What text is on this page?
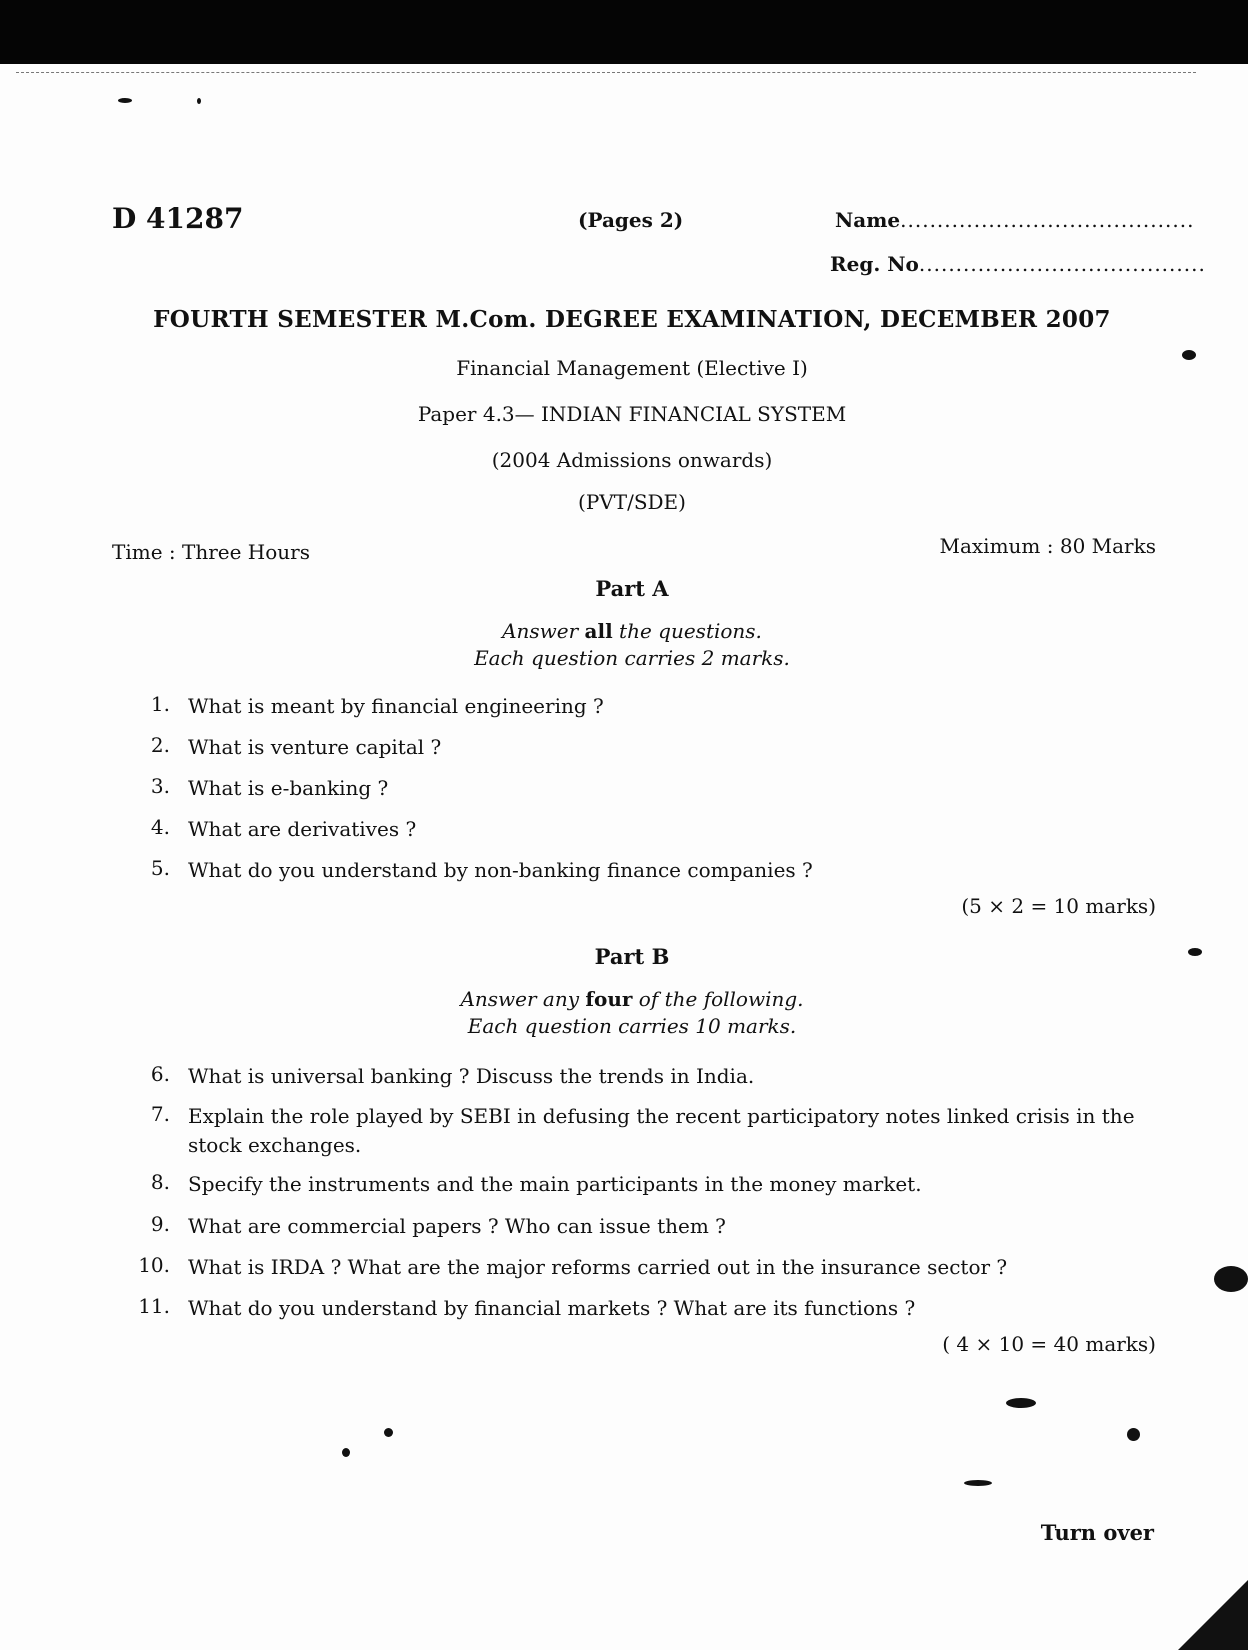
D 41287	(Pages 2)	Name........................................
Reg. No.......................................
FOURTH SEMESTER M.Com. DEGREE EXAMINATION, DECEMBER 2007
Financial Management (Elective I)
Paper 4.3— INDIAN FINANCIAL SYSTEM
(2004 Admissions onwards)
(PVT/SDE)
Time : Three Hours	Maximum : 80 Marks
Part A
Answer all the questions.
Each question carries 2 marks.
1. What is meant by financial engineering ?
2. What is venture capital ?
3. What is e-banking ?
4. What are derivatives ?
5. What do you understand by non-banking finance companies ?
(5 × 2 = 10 marks)
Part B
Answer any four of the following.
Each question carries 10 marks.
6. What is universal banking ? Discuss the trends in India.
7. Explain the role played by SEBI in defusing the recent participatory notes linked crisis in the stock exchanges.
8. Specify the instruments and the main participants in the money market.
9. What are commercial papers ? Who can issue them ?
10. What is IRDA ? What are the major reforms carried out in the insurance sector ?
11. What do you understand by financial markets ? What are its functions ?
( 4 × 10 = 40 marks)
Turn over
